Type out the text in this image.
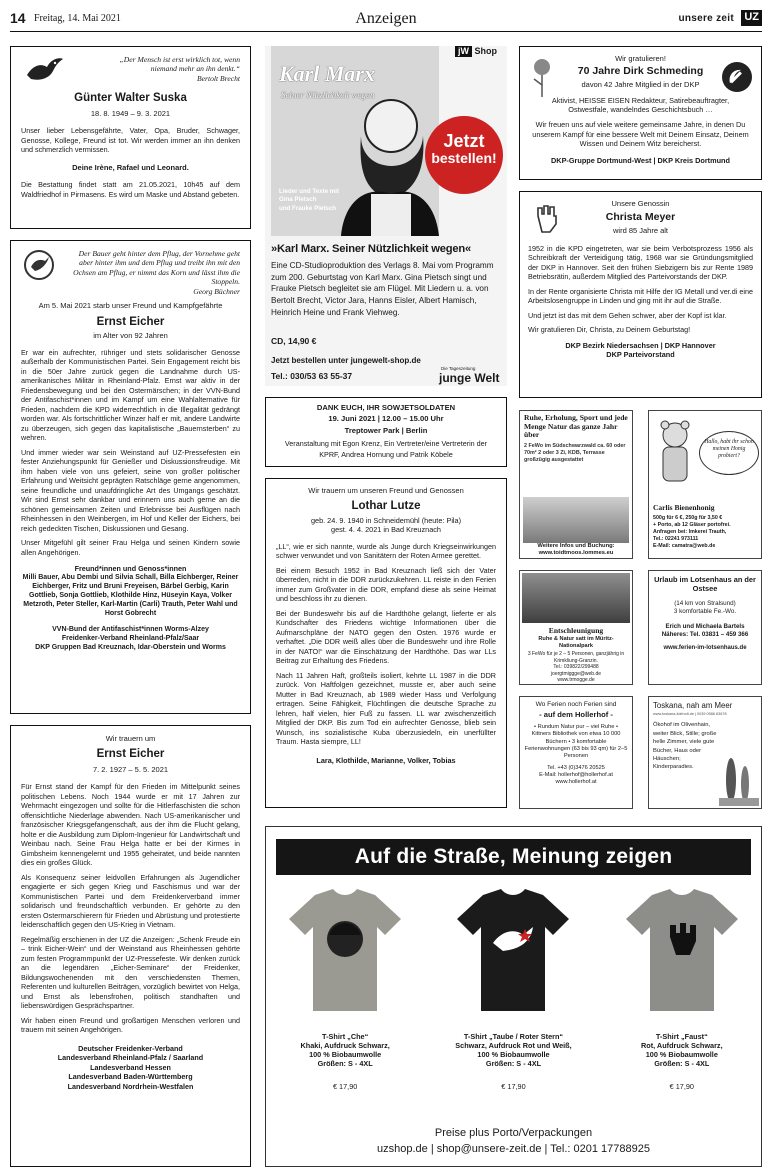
14 Freitag, 14. Mai 2021	Anzeigen	unsere zeit UZ
„Der Mensch ist erst wirklich tot, wenn niemand mehr an ihn denkt.“
Bertolt Brecht
Günter Walter Suska
18. 8. 1949 – 9. 3. 2021
Unser lieber Lebensgefährte, Vater, Opa, Bruder, Schwager, Genosse, Kollege, Freund ist tot. Wir werden immer an ihn denken und schmerzlich vermissen.
Deine Irène, Rafael und Leonard.
Die Bestattung findet statt am 21.05.2021, 10h45 auf dem Waldfriedhof in Pirmasens. Es wird um Maske und Abstand gebeten.
Der Bauer geht hinter dem Pflug, der Vornehme geht aber hinter ihm und dem Pflug und treibt ihn mit den Ochsen am Pflug, er nimmt das Korn und lässt ihm die Stoppeln.
Georg Büchner
Am 5. Mai 2021 starb unser Freund und Kampfgefährte
Ernst Eicher
im Alter von 92 Jahren
Er war ein aufrechter, rühriger und stets solidarischer Genosse außerhalb der Kommunistischen Partei. Sein Engagement reicht bis in die 50er Jahre zurück gegen die Landnahme durch US-amerikanisches Militär in Rheinland-Pfalz. Ernst war aktiv in der Friedensbewegung und bei den Ostermärschen; in der VVN-Bund der Antifaschist*innen und im Kampf um eine Wahlalternative für Frieden, nachdem die KPD widerrechtlich in die Illegalität gedrängt worden war. Als fortschrittlicher Winzer half er mit, andere Landwirte zu überzeugen, sich gegen das kapitalistische „Bauernsterben“ zu wehren.
Und immer wieder war sein Weinstand auf UZ-Pressefesten ein fester Anziehungspunkt für Genießer und Diskussionsfreudige. Mit ihm haben viele von uns gefeiert, seine von großer politischer Erfahrung und Weitsicht geprägten Ratschläge gerne angenommen, seine freundliche und unaufdringliche Art des Umgangs geschätzt. Wir sind Ernst sehr dankbar und erinnern uns auch gerne an die schönen gemeinsamen Zeiten und Erlebnisse bei Ausflügen nach Rheinhessen in den Weinbergen, im Hof und Keller der Eichers, bei reich gedeckten Tischen, Diskussionen und Gesang.
Unser Mitgefühl gilt seiner Frau Helga und seinen Kindern sowie allen Angehörigen.
Freund*innen und Genoss*innen
Milli Bauer, Abu Dembi und Silvia Schall, Billa Eichberger, Reiner Eichberger, Fritz und Bruni Freyeisen, Bärbel Gerbig, Karin Gottlieb, Sonja Gottlieb, Klothilde Hinz, Hüseyin Kaya, Volker Metzroth, Peter Steller, Karl-Martin (Carli) Trauth, Peter Wahl und Horst Gobrecht
VVN-Bund der Antifaschist*innen Worms-Alzey
Freidenker-Verband Rheinland-Pfalz/Saar
DKP Gruppen Bad Kreuznach, Idar-Oberstein und Worms
Wir trauern um
Ernst Eicher
7. 2. 1927 – 5. 5. 2021
Für Ernst stand der Kampf für den Frieden im Mittelpunkt seines politischen Lebens. Noch 1944 wurde er mit 17 Jahren zur Wehrmacht eingezogen und sollte für die Hitlerfaschisten die schon offensichtliche Niederlage abwenden. Nach US-amerikanischer und französischer Kriegsgefangenschaft, aus der ihm die Flucht gelang, holte er die Ausbildung zum Diplom-Ingenieur für Landwirtschaft und Weinbau nach. Seine Frau Helga hatte er bei der Kirmes in Gimbsheim kennengelernt und 1955 geheiratet, und beide nannten dies ein großes Glück.
Als Konsequenz seiner leidvollen Erfahrungen als Jugendlicher engagierte er sich gegen Krieg und Faschismus und war der Kommunistischen Partei und dem Freidenkerverband immer solidarisch und freundschaftlich verbunden. Er gehörte zu den ersten Ostermarschierern für Frieden und Abrüstung und protestierte leidenschaftlich gegen den US-Krieg in Vietnam.
Regelmäßig erschienen in der UZ die Anzeigen: „Schenk Freude ein – trink Eicher-Wein“ und der Weinstand aus Rheinhessen gehörte zum festen Programmpunkt der UZ-Pressefeste. Wir denken zurück an die legendären „Eicher-Seminare“ der Freidenker, Bildungswochenenden mit den verschiedensten Themen, Referenten und kulturellen Beiträgen, vorzüglich bewirtet von Helga, und Ernst als lebensfrohen, politisch standhaften und liebenswürdigen Gesprächspartner.
Wir haben einen Freund und großartigen Menschen verloren und trauern mit seinen Angehörigen.
Deutscher Freidenker-Verband
Landesverband Rheinland-Pfalz / Saarland
Landesverband Hessen
Landesverband Baden-Württemberg
Landesverband Nordrhein-Westfalen
Karl Marx
Seiner Nützlichkeit wegen
Lieder und Texte mit
Gina Pietsch
und Frauke Pietsch
jW Shop
Jetzt
bestellen!
»Karl Marx. Seiner Nützlichkeit wegen«
Eine CD-Studioproduktion des Verlags 8. Mai vom Programm zum 200. Geburtstag von Karl Marx. Gina Pietsch singt und Frauke Pietsch begleitet sie am Flügel. Mit Liedern u. a. von Bertolt Brecht, Victor Jara, Hanns Eisler, Albert Hamisch, Heinrich Heine und Frank Viehweg.
CD, 14,90 €
Jetzt bestellen unter jungewelt-shop.de
Tel.: 030/53 63 55-37
Die Tageszeitung
junge Welt
DANK EUCH, IHR SOWJETSOLDATEN
19. Juni 2021 | 12.00 – 15.00 Uhr
Treptower Park | Berlin
Veranstaltung mit Egon Krenz, Ein Vertreter/eine Vertreterin der KPRF, Andrea Hornung und Patrik Köbele
Wir trauern um unseren Freund und Genossen
Lothar Lutze
geb. 24. 9. 1940 in Schneidemühl (heute: Pila)
gest. 4. 4. 2021 in Bad Kreuznach
„LL“, wie er sich nannte, wurde als Junge durch Kriegseinwirkungen schwer verwundet und von Sanitätern der Roten Armee gerettet.
Bei einem Besuch 1952 in Bad Kreuznach ließ sich der Vater überreden, nicht in die DDR zurückzukehren. LL reiste in den Ferien immer zum Großvater in die DDR, empfand diese als seine Heimat und beschloss ihr zu dienen.
Bei der Bundeswehr bis auf die Hardthöhe gelangt, lieferte er als Kundschafter des Friedens wichtige Informationen über die Aufmarschpläne der NATO gegen den Osten. 1976 wurde er verhaftet. „Die DDR weiß alles über die Bundeswehr und ihre Rolle in der NATO!“ war die Einschätzung der Hardthöhe. Das war LLs Beitrag zur Erhaltung des Friedens.
Nach 11 Jahren Haft, großteils isoliert, kehrte LL 1987 in die DDR zurück. Von Haftfolgen gezeichnet, musste er, aber auch seine Mutter in Bad Kreuznach, ab 1989 wieder Hass und Verfolgung ertragen. Seine Fähigkeit, Flüchtlingen die deutsche Sprache zu lehren, half vielen, hier Fuß zu fassen. LL war zwischenzeitlich Mitglied der DKP. Bis zum Tod ein aufrechter Genosse, blieb sein Wunsch, ins sozialistische Kuba überzusiedeln, ein unerfüllter Traum. Hasta siempre, LL!
Lara, Klothilde, Marianne, Volker, Tobias
Wir gratulieren!
70 Jahre Dirk Schmeding
davon 42 Jahre Mitglied in der DKP
Aktivist, HEISSE EISEN Redakteur, Satirebeauftragter, Ostwestfale, wandelndes Geschichtsbuch …
Wir freuen uns auf viele weitere gemeinsame Jahre, in denen Du unserem Kampf für eine bessere Welt mit Deinem Einsatz, Deinem Wissen und Deinem Witz bereicherst.
DKP-Gruppe Dortmund-West | DKP Kreis Dortmund
Unsere Genossin
Christa Meyer
wird 85 Jahre alt
1952 in die KPD eingetreten, war sie beim Verbotsprozess 1956 als Schreibkraft der Verteidigung tätig, 1968 war sie Gründungsmitglied der DKP in Hannover. Seit den frühen Siebzigern bis zur Rente 1989 Betriebsrätin, außerdem Mitglied des Parteivorstands der DKP.
In der Rente organisierte Christa mit Hilfe der IG Metall und ver.di eine Arbeitslosengruppe in Linden und ging mit ihr auf die Straße.
Und jetzt ist das mit dem Gehen schwer, aber der Kopf ist klar.
Wir gratulieren Dir, Christa, zu Deinem Geburtstag!
DKP Bezirk Niedersachsen | DKP Hannover
DKP Parteivorstand
Ruhe, Erholung, Sport und jede Menge Natur das ganze Jahr über
2 FeWo im Südschwarzwald ca. 60 oder 70m² 2 oder 3 Zi, KDB, Terrasse großzügig ausgestattet
Weitere Infos und Buchung: www.toidtmoos.lommes.eu
Hallo, habt ihr schon meinen Honig probiert?
Carlis Bienenhonig
500g für 6 €, 250g für 3,50 €
+ Porto, ab 12 Gläser portofrei.
Anfragen bei: Imkerei Trauth,
Tel.: 02241 973111
E-Mail: camatra@web.de
Entschleunigung
Ruhe & Natur satt im Müritz-Nationalpark
3 FeWo für je 2 – 5 Personen, ganzjährig in Krimkliung-Granzin.
Tel.: 039822/299488
joergtmiggge@web.de
www.trmogge.de
Urlaub im Lotsenhaus an der Ostsee
(14 km von Stralsund)
3 komfortable Fe.-Wo.
Erich und Michaela Bartels
Näheres: Tel. 03831 – 459 366
www.ferien-im-lotsenhaus.de
Wo Ferien noch Ferien sind
- auf dem Hollerhof -
• Rundum Natur pur – viel Ruhe • Kittners Bibliothek von etwa 10 000 Büchern • 3 komfortable Ferienwohnungen (63 bis 93 qm) für 2–5 Personen
Tel. +43 (0)3476 20525
E-Mail: hollerhof@hollerhof.at
www.hollerhof.at
Toskana, nah am Meer
www.toskana-lideholt.de | 0039 0586 83678
Ökohof im Olivenhain, weiter Blick, Stille; große helle Zimmer, viele gute Bücher, Haus oder Häuschen; Kinderparadies.
Auf die Straße, Meinung zeigen
T-Shirt „Che“
Khaki, Aufdruck Schwarz,
100 % Biobaumwolle
Größen: S - 4XL
€ 17,90
T-Shirt „Taube / Roter Stern“
Schwarz, Aufdruck Rot und Weiß,
100 % Biobaumwolle
Größen: S - 4XL
€ 17,90
T-Shirt „Faust“
Rot, Aufdruck Schwarz,
100 % Biobaumwolle
Größen: S - 4XL
€ 17,90
Preise plus Porto/Verpackungen
uzshop.de | shop@unsere-zeit.de | Tel.: 0201 17788925
